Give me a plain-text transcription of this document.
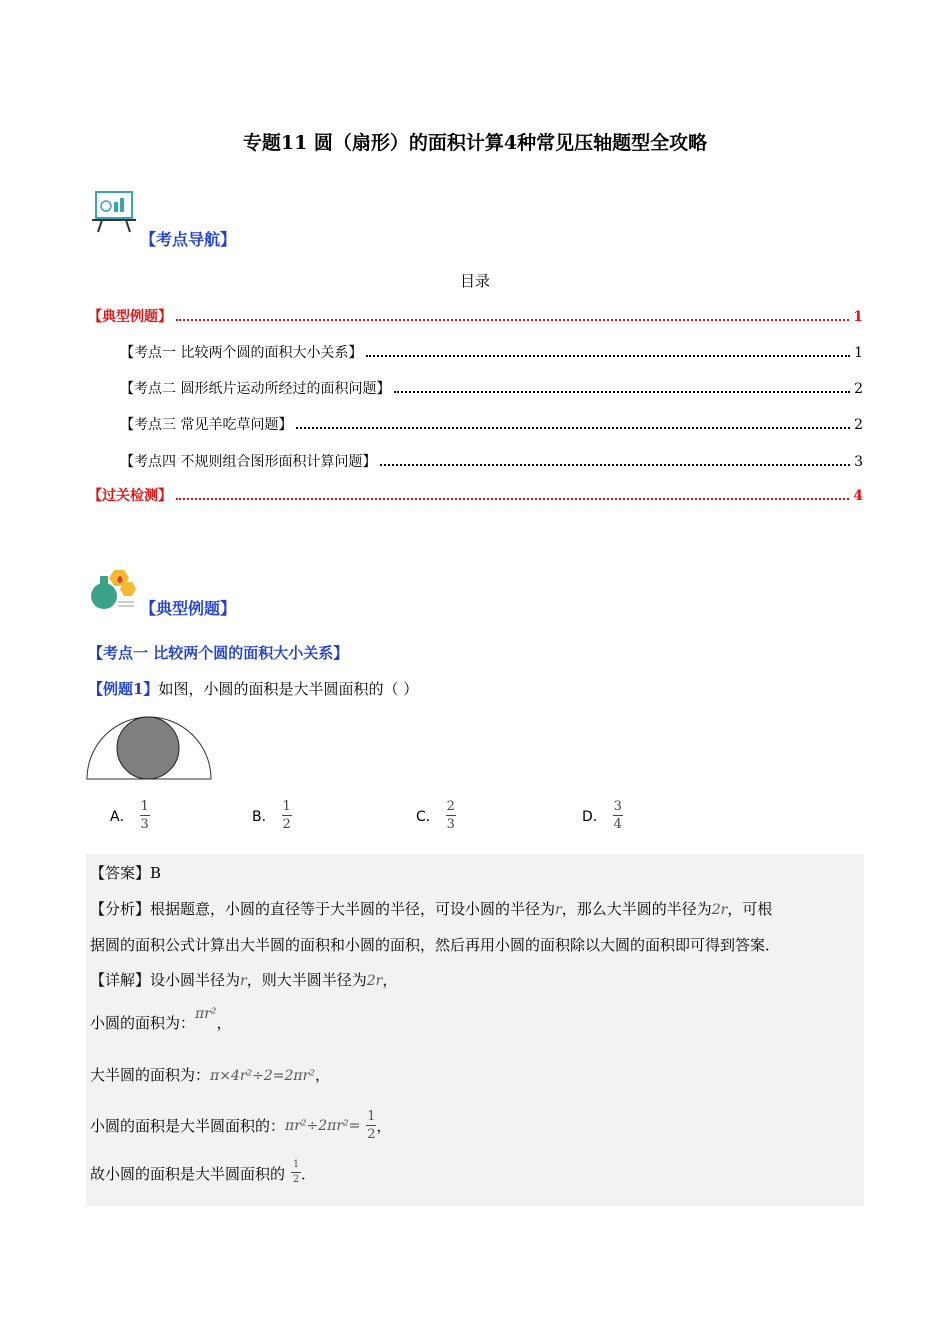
专题11 圆（扇形）的面积计算4种常见压轴题型全攻略
【考点导航】
目录
【典型例题】	1
【考点一 比较两个圆的面积大小关系】	1
【考点二 圆形纸片运动所经过的面积问题】	2
【考点三 常见羊吃草问题】	2
【考点四 不规则组合图形面积计算问题】	3
【过关检测】	4
【典型例题】
【考点一 比较两个圆的面积大小关系】
【例题1】如图，小圆的面积是大半圆面积的（ ）
A． $\frac{1}{3}$	B． $\frac{1}{2}$	C． $\frac{2}{3}$	D． $\frac{3}{4}$
【答案】B
【分析】根据题意，小圆的直径等于大半圆的半径，可设小圆的半径为r，那么大半圆的半径为2r，可根
据圆的面积公式计算出大半圆的面积和小圆的面积，然后再用小圆的面积除以大圆的面积即可得到答案．
【详解】设小圆半径为r，则大半圆半径为2r，
小圆的面积为：πr²，
大半圆的面积为：π×4r²÷2=2πr²，
小圆的面积是大半圆面积的： $\pi r^2\div 2\pi r^2= \frac{1}{2}$ ，
故小圆的面积是大半圆面积的 $\frac{1}{2}$ ．
